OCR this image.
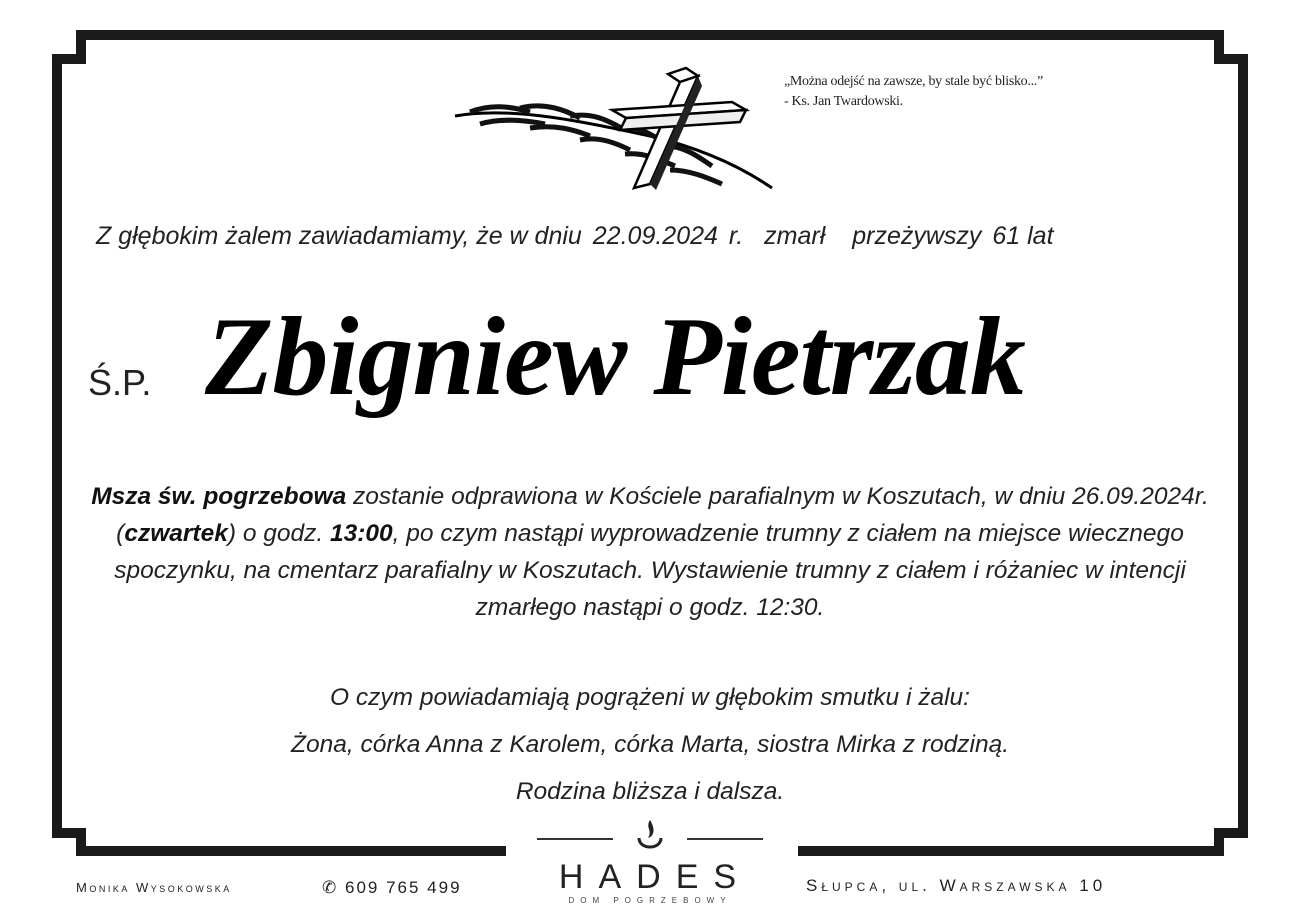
„Można odejść na zawsze, by stale być blisko...”
- Ks. Jan Twardowski.
Z głębokim żalem zawiadamiamy, że w dniu 22.09.2024 r. zmarł przeżywszy 61 lat
Ś.P. Zbigniew Pietrzak
Msza św. pogrzebowa zostanie odprawiona w Kościele parafialnym w Koszutach, w dniu 26.09.2024r. (czwartek) o godz. 13:00, po czym nastąpi wyprowadzenie trumny z ciałem na miejsce wiecznego spoczynku, na cmentarz parafialny w Koszutach. Wystawienie trumny z ciałem i różaniec w intencji zmarłego nastąpi o godz. 12:30.
O czym powiadamiają pogrążeni w głębokim smutku i żalu:
Żona, córka Anna z Karolem, córka Marta, siostra Mirka z rodziną.
Rodzina bliższa i dalsza.
Monika Wysokowska	✆ 609 765 499	HADES
DOM POGRZEBOWY
Słupca, ul. Warszawska 10
